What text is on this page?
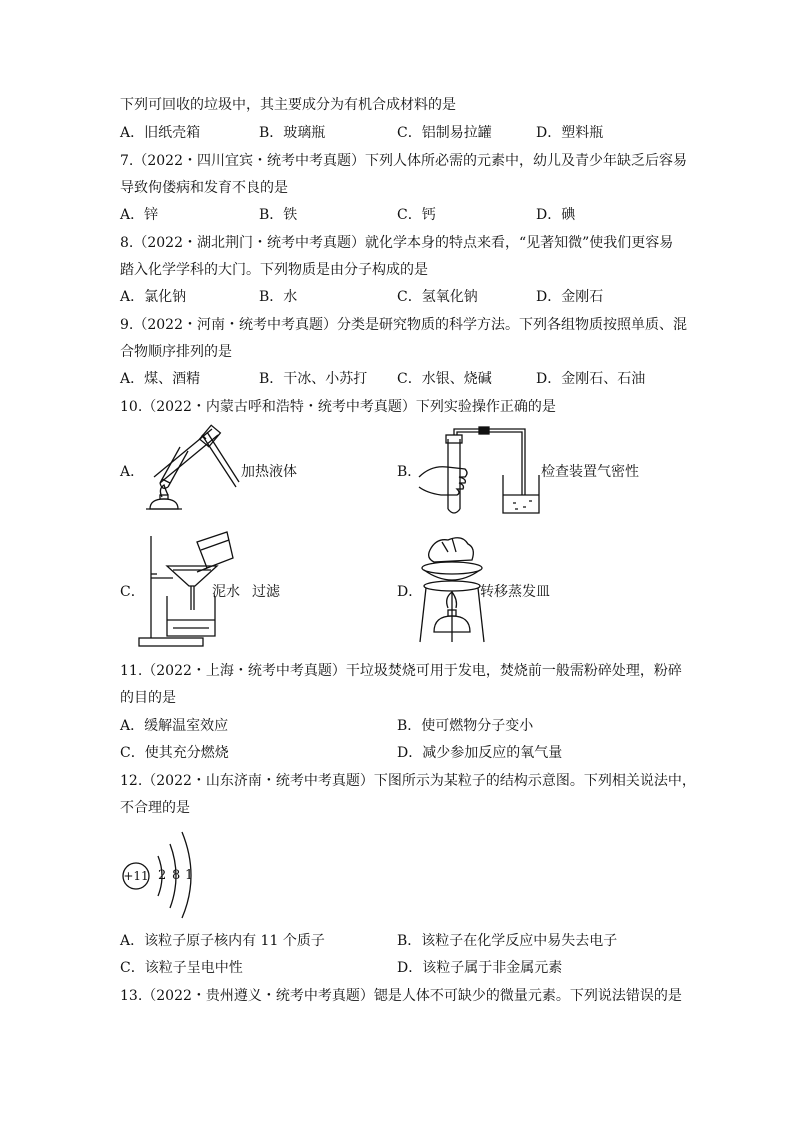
下列可回收的垃圾中，其主要成分为有机合成材料的是
A．旧纸壳箱	B．玻璃瓶	C．铝制易拉罐	D．塑料瓶
7.（2022・四川宜宾・统考中考真题）下列人体所必需的元素中，幼儿及青少年缺乏后容易
导致佝偻病和发育不良的是
A．锌	B．铁	C．钙	D．碘
8.（2022・湖北荆门・统考中考真题）就化学本身的特点来看，“见著知微”使我们更容易
踏入化学学科的大门。下列物质是由分子构成的是
A．氯化钠	B．水	C．氢氧化钠	D．金刚石
9.（2022・河南・统考中考真题）分类是研究物质的科学方法。下列各组物质按照单质、混
合物顺序排列的是
A．煤、酒精	B．干冰、小苏打 C．水银、烧碱	D．金刚石、石油
10.（2022・内蒙古呼和浩特・统考中考真题）下列实验操作正确的是
A．	加热液体	B．	检查装置气密性
C．	泥水 过滤	D．	转移蒸发皿
11.（2022・上海・统考中考真题）干垃圾焚烧可用于发电，焚烧前一般需粉碎处理，粉碎
的目的是
A．缓解温室效应	B．使可燃物分子变小
C．使其充分燃烧	D．减少参加反应的氧气量
12.（2022・山东济南・统考中考真题）下图所示为某粒子的结构示意图。下列相关说法中，
不合理的是
+11 2 8 1
A．该粒子原子核内有 11 个质子	B．该粒子在化学反应中易失去电子
C．该粒子呈电中性	D．该粒子属于非金属元素
13.（2022・贵州遵义・统考中考真题）锶是人体不可缺少的微量元素。下列说法错误的是
